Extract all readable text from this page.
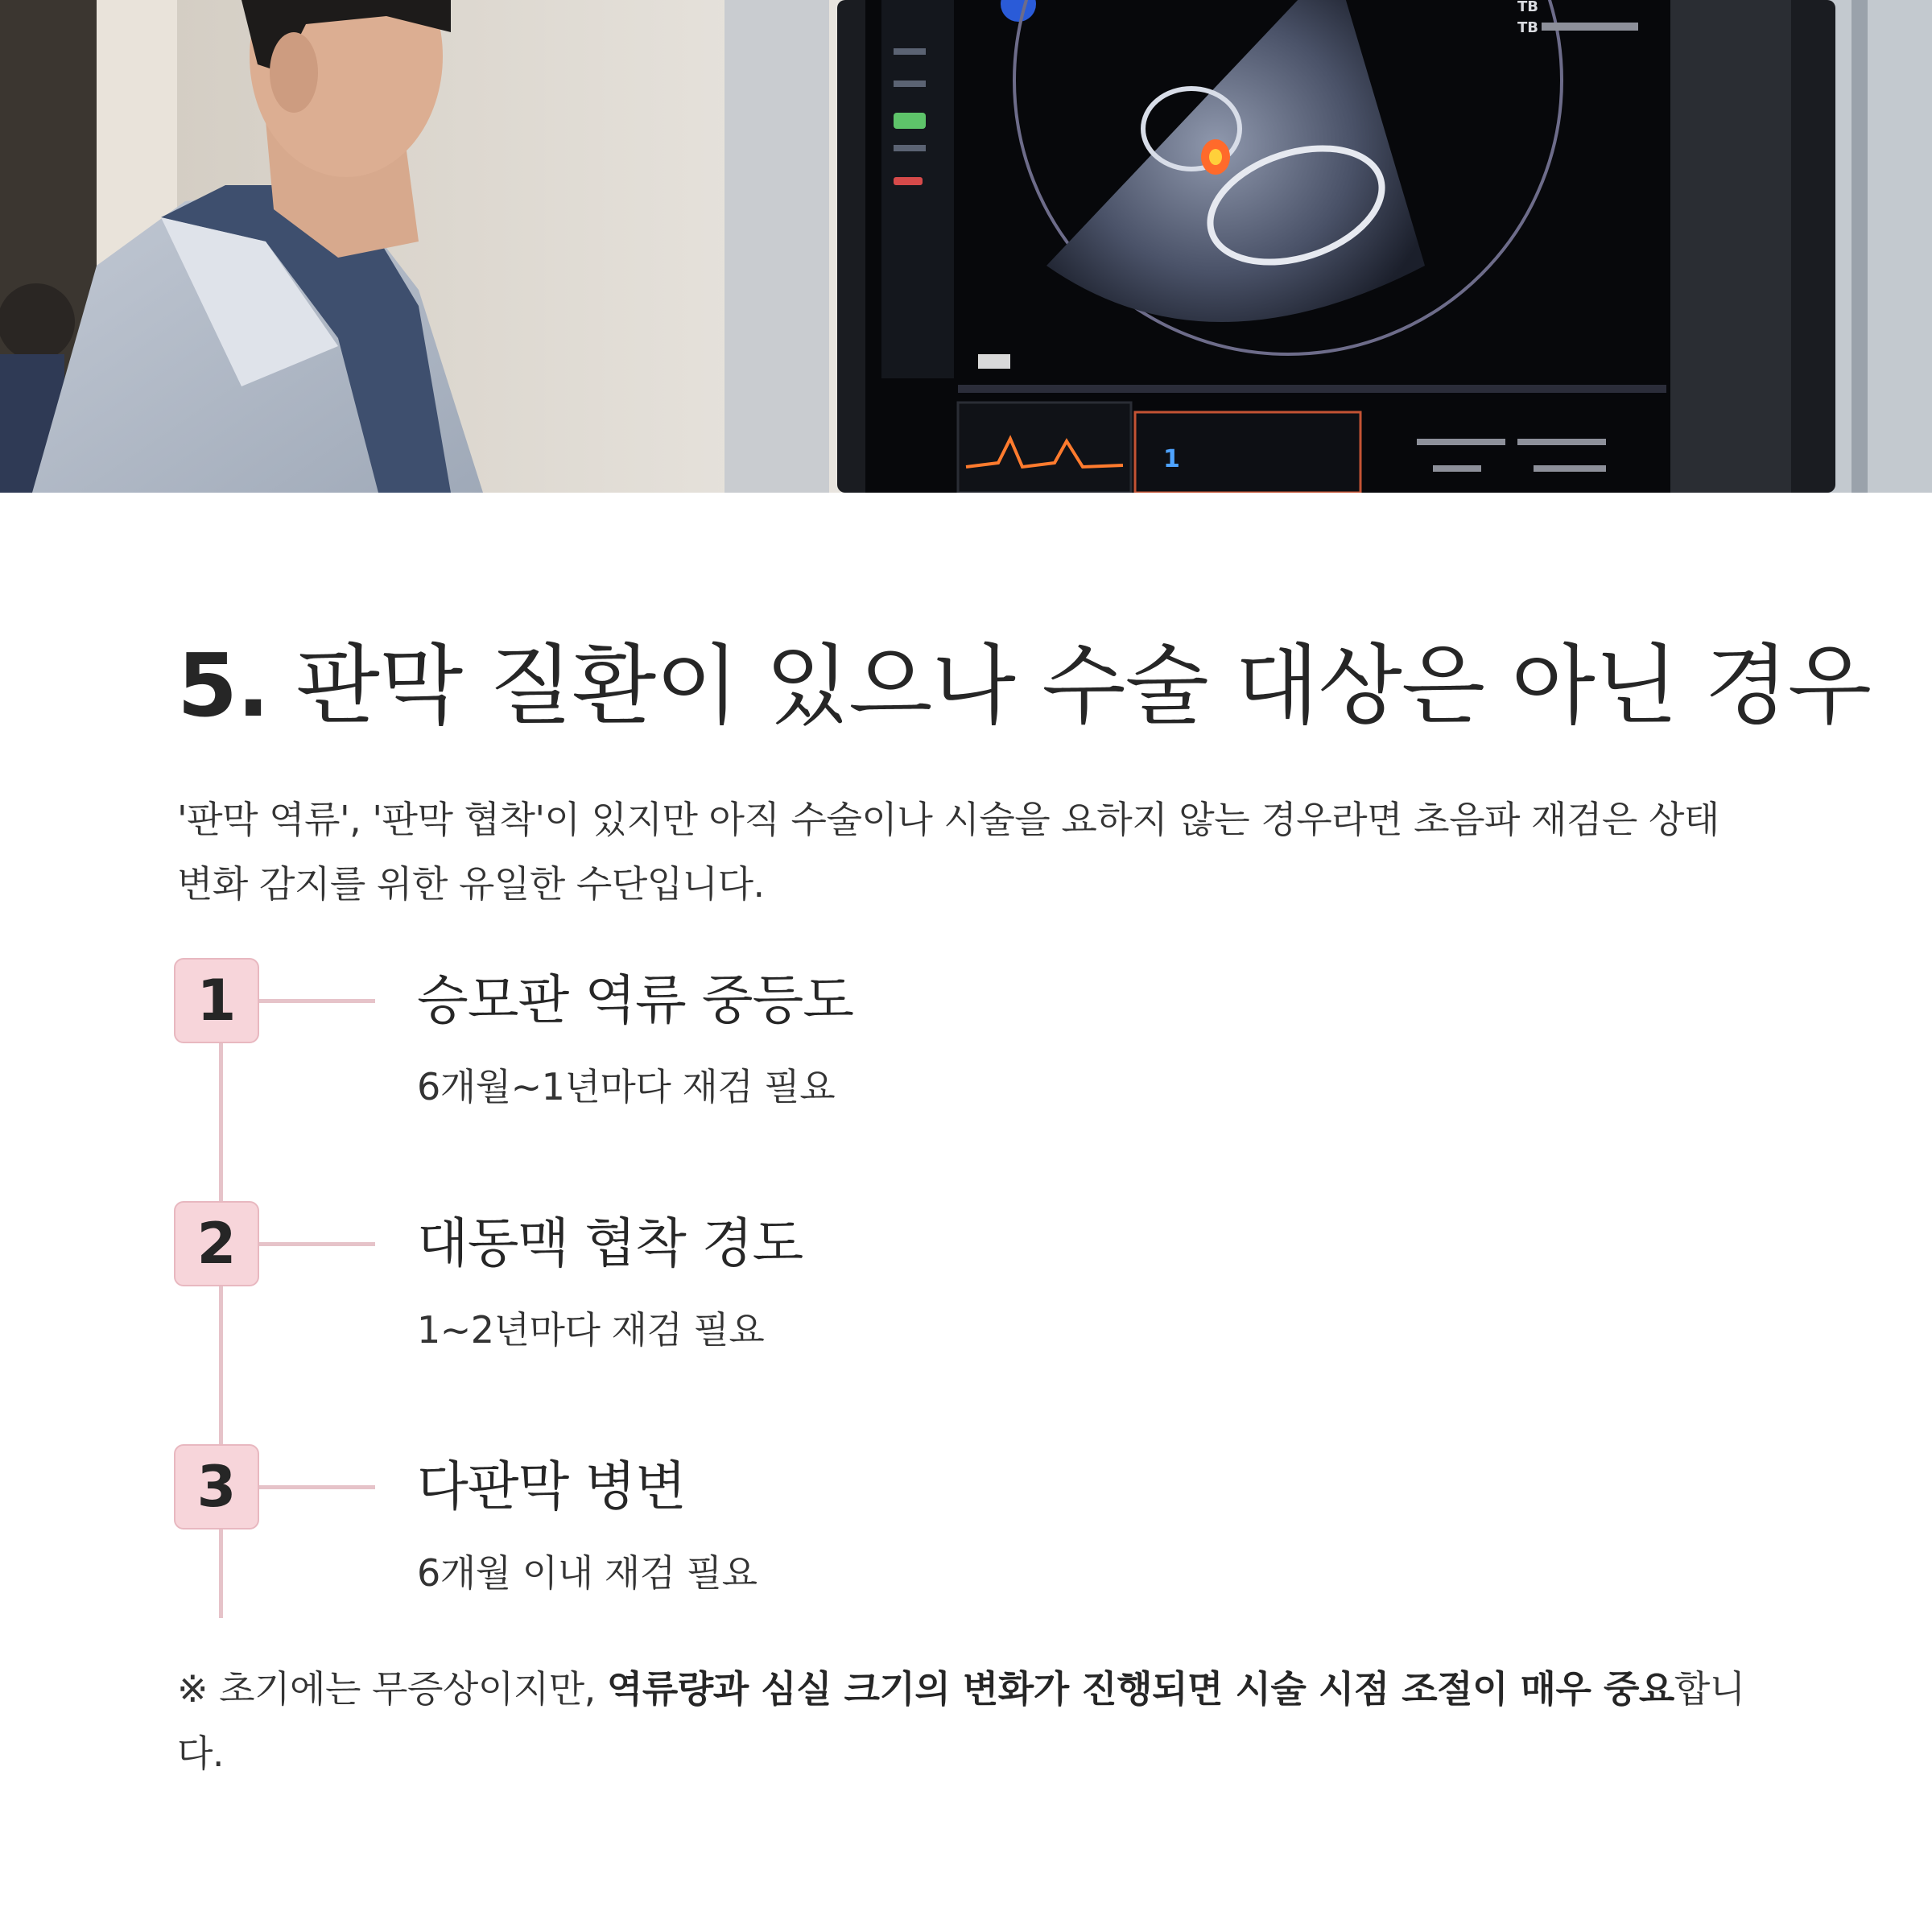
1
TB
TB
5. 판막 질환이 있으나 수술 대상은 아닌 경우

'판막 역류', '판막 협착'이 있지만 아직 수술이나 시술을 요하지 않는 경우라면 초음파 재검은 상태 변화 감지를 위한 유일한 수단입니다.

1	승모판 역류 중등도

6개월~1년마다 재검 필요

2	대동맥 협착 경도

1~2년마다 재검 필요

3	다판막 병변

6개월 이내 재검 필요

※ 초기에는 무증상이지만, 역류량과 심실 크기의 변화가 진행되면 시술 시점 조절이 매우 중요합니다.
